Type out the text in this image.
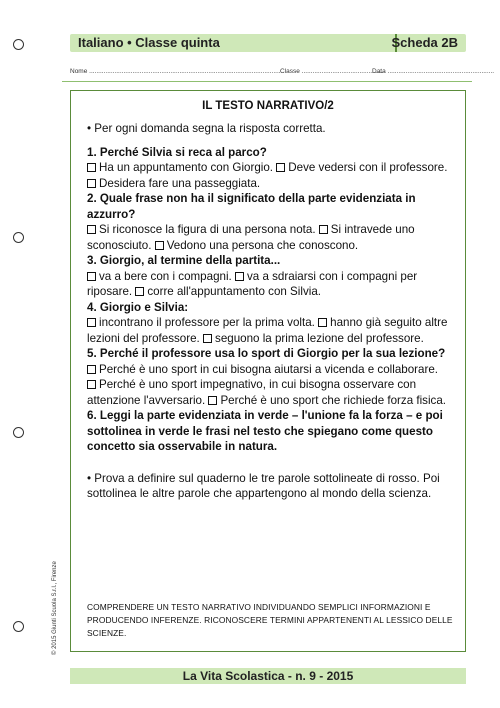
Italiano • Classe quinta	Scheda 2B
Nome .......................................................................................................... Classe .............................................
Data ...........................................................
IL TESTO NARRATIVO/2

• Per ogni domanda segna la risposta corretta.

1. Perché Silvia si reca al parco?

Ha un appuntamento con Giorgio. Deve vedersi con il professore. Desidera fare una passeggiata.

2. Quale frase non ha il significato della parte evidenziata in azzurro?

Si riconosce la figura di una persona nota. Si intravede uno sconosciuto. Vedono una persona che conoscono.

3. Giorgio, al termine della partita...

va a bere con i compagni. va a sdraiarsi con i compagni per riposare. corre all'appuntamento con Silvia.

4. Giorgio e Silvia:

incontrano il professore per la prima volta. hanno già seguito altre lezioni del professore. seguono la prima lezione del professore.

5. Perché il professore usa lo sport di Giorgio per la sua lezione?

Perché è uno sport in cui bisogna aiutarsi a vicenda e collaborare. Perché è uno sport impegnativo, in cui bisogna osservare con attenzione l'avversario. Perché è uno sport che richiede forza fisica.

6. Leggi la parte evidenziata in verde – l'unione fa la forza – e poi sottolinea in verde le frasi nel testo che spiegano come questo concetto sia osservabile in natura.

• Prova a definire sul quaderno le tre parole sottolineate di rosso. Poi sottolinea le altre parole che appartengono al mondo della scienza.

COMPRENDERE UN TESTO NARRATIVO INDIVIDUANDO SEMPLICI INFORMAZIONI E PRODUCENDO INFERENZE. RICONOSCERE TERMINI APPARTENENTI AL LESSICO DELLE SCIENZE.
© 2015 Giunti Scuola S.r.l., Firenze
La Vita Scolastica - n. 9 - 2015
